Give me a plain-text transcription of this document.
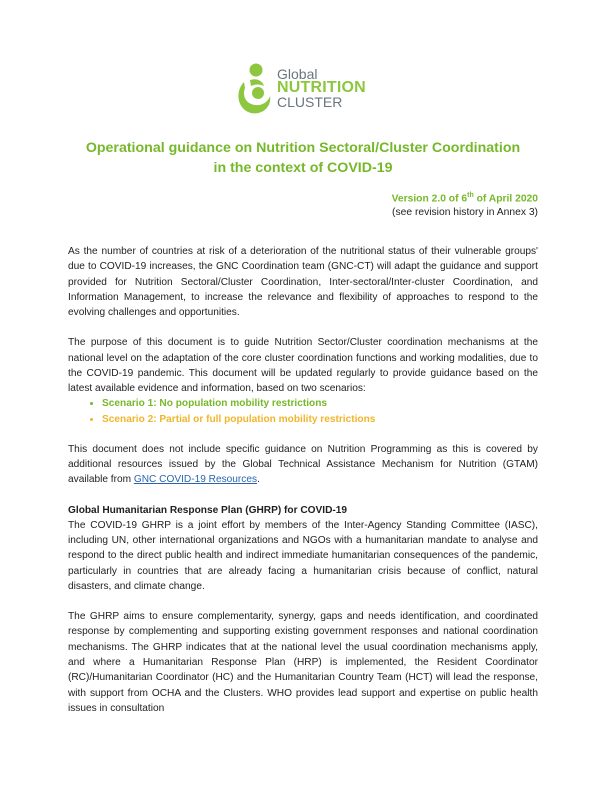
Global
NUTRITION
CLUSTER
Operational guidance on Nutrition Sectoral/Cluster Coordination
in the context of COVID-19
Version 2.0 of 6th of April 2020
(see revision history in Annex 3)

As the number of countries at risk of a deterioration of the nutritional status of their vulnerable groups' due to COVID-19 increases, the GNC Coordination team (GNC-CT) will adapt the guidance and support provided for Nutrition Sectoral/Cluster Coordination, Inter-sectoral/Inter-cluster Coordination, and Information Management, to increase the relevance and flexibility of approaches to respond to the evolving challenges and opportunities.

The purpose of this document is to guide Nutrition Sector/Cluster coordination mechanisms at the national level on the adaptation of the core cluster coordination functions and working modalities, due to the COVID-19 pandemic. This document will be updated regularly to provide guidance based on the latest available evidence and information, based on two scenarios:

• Scenario 1: No population mobility restrictions
• Scenario 2: Partial or full population mobility restrictions

This document does not include specific guidance on Nutrition Programming as this is covered by additional resources issued by the Global Technical Assistance Mechanism for Nutrition (GTAM) available from GNC COVID-19 Resources.

Global Humanitarian Response Plan (GHRP) for COVID-19

The COVID-19 GHRP is a joint effort by members of the Inter-Agency Standing Committee (IASC), including UN, other international organizations and NGOs with a humanitarian mandate to analyse and respond to the direct public health and indirect immediate humanitarian consequences of the pandemic, particularly in countries that are already facing a humanitarian crisis because of conflict, natural disasters, and climate change.

The GHRP aims to ensure complementarity, synergy, gaps and needs identification, and coordinated response by complementing and supporting existing government responses and national coordination mechanisms. The GHRP indicates that at the national level the usual coordination mechanisms apply, and where a Humanitarian Response Plan (HRP) is implemented, the Resident Coordinator (RC)/Humanitarian Coordinator (HC) and the Humanitarian Country Team (HCT) will lead the response, with support from OCHA and the Clusters. WHO provides lead support and expertise on public health issues in consultation
